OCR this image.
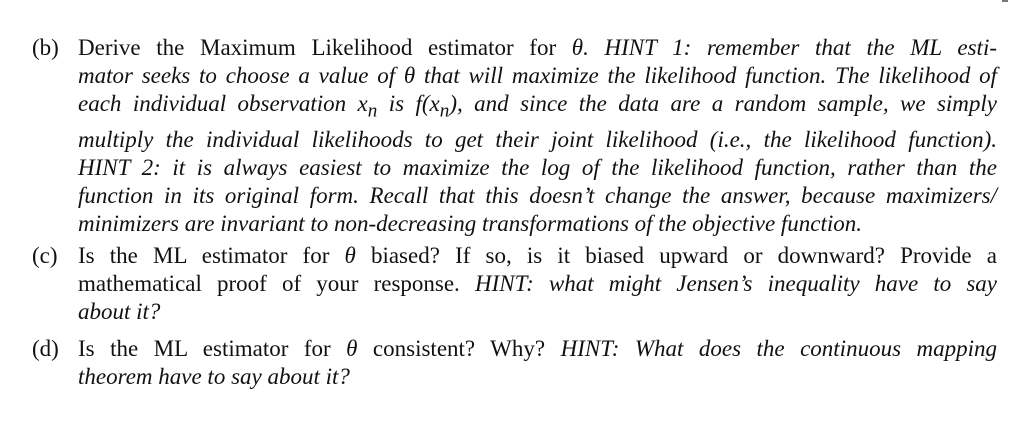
(b) Derive the Maximum Likelihood estimator for θ. HINT 1: remember that the ML esti-
mator seeks to choose a value of θ that will maximize the likelihood function. The likelihood of
each individual observation $x_n$ is $f(x_n)$, and since the data are a random sample, we simply
multiply the individual likelihoods to get their joint likelihood (i.e., the likelihood function).
HINT 2: it is always easiest to maximize the log of the likelihood function, rather than the
function in its original form. Recall that this doesn’t change the answer, because maximizers/
minimizers are invariant to non-decreasing transformations of the objective function.
(c) Is the ML estimator for θ biased? If so, is it biased upward or downward? Provide a
mathematical proof of your response. HINT: what might Jensen’s inequality have to say
about it?
(d) Is the ML estimator for θ consistent? Why? HINT: What does the continuous mapping
theorem have to say about it?
